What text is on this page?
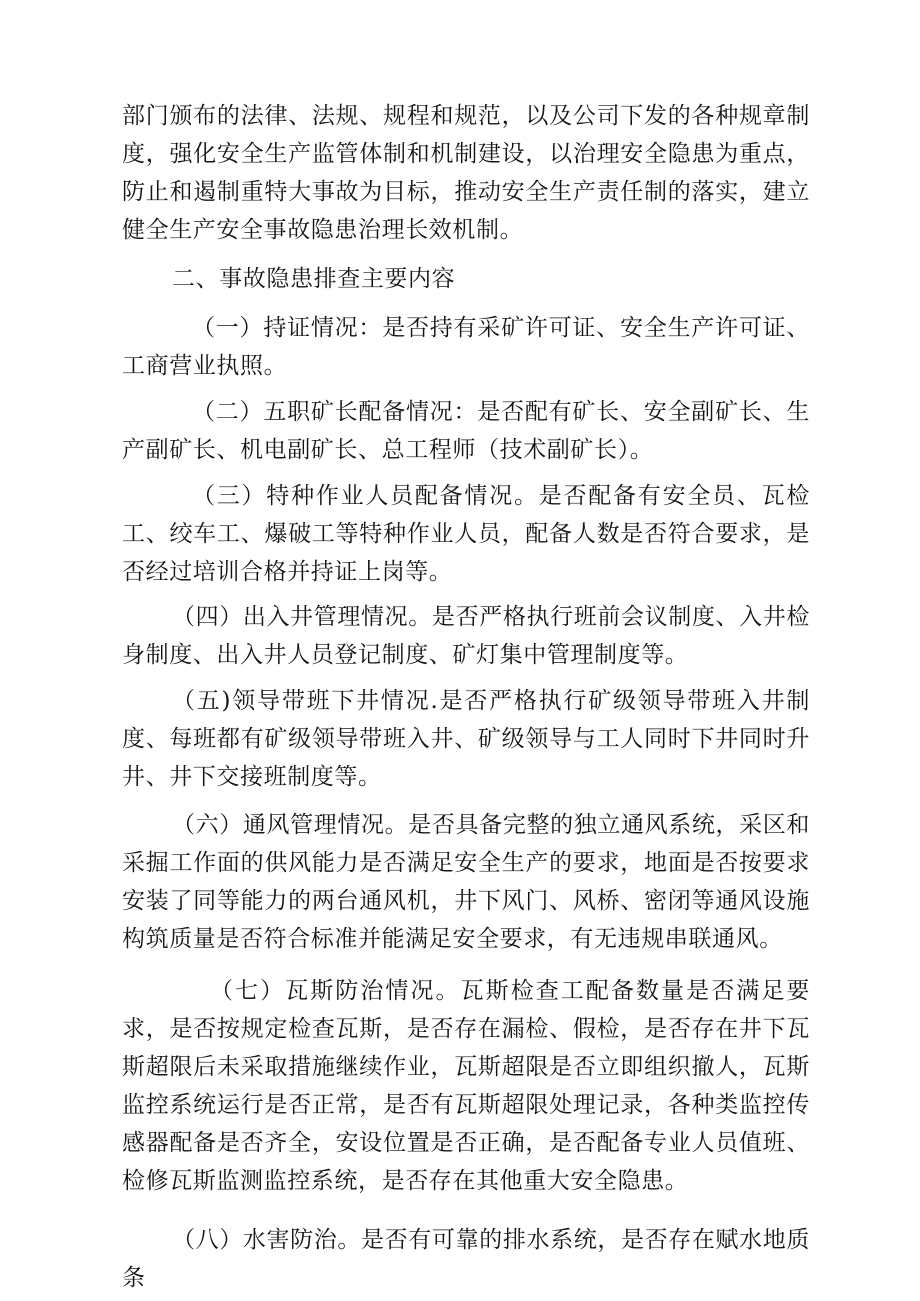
部门颁布的法律、法规、规程和规范，以及公司下发的各种规章制度，强化安全生产监管体制和机制建设，以治理安全隐患为重点，防止和遏制重特大事故为目标，推动安全生产责任制的落实，建立健全生产安全事故隐患治理长效机制。

二、事故隐患排查主要内容

（一）持证情况：是否持有采矿许可证、安全生产许可证、工商营业执照。

（二）五职矿长配备情况：是否配有矿长、安全副矿长、生产副矿长、机电副矿长、总工程师（技术副矿长）。

（三）特种作业人员配备情况。是否配备有安全员、瓦检工、绞车工、爆破工等特种作业人员，配备人数是否符合要求，是否经过培训合格并持证上岗等。

（四）出入井管理情况。是否严格执行班前会议制度、入井检身制度、出入井人员登记制度、矿灯集中管理制度等。

（五)领导带班下井情况.是否严格执行矿级领导带班入井制度、每班都有矿级领导带班入井、矿级领导与工人同时下井同时升井、井下交接班制度等。

（六）通风管理情况。是否具备完整的独立通风系统，采区和采掘工作面的供风能力是否满足安全生产的要求，地面是否按要求安装了同等能力的两台通风机，井下风门、风桥、密闭等通风设施构筑质量是否符合标准并能满足安全要求，有无违规串联通风。

（七）瓦斯防治情况。瓦斯检查工配备数量是否满足要求，是否按规定检查瓦斯，是否存在漏检、假检，是否存在井下瓦斯超限后未采取措施继续作业，瓦斯超限是否立即组织撤人，瓦斯监控系统运行是否正常，是否有瓦斯超限处理记录，各种类监控传感器配备是否齐全，安设位置是否正确，是否配备专业人员值班、检修瓦斯监测监控系统，是否存在其他重大安全隐患。

（八）水害防治。是否有可靠的排水系统，是否存在赋水地质条
